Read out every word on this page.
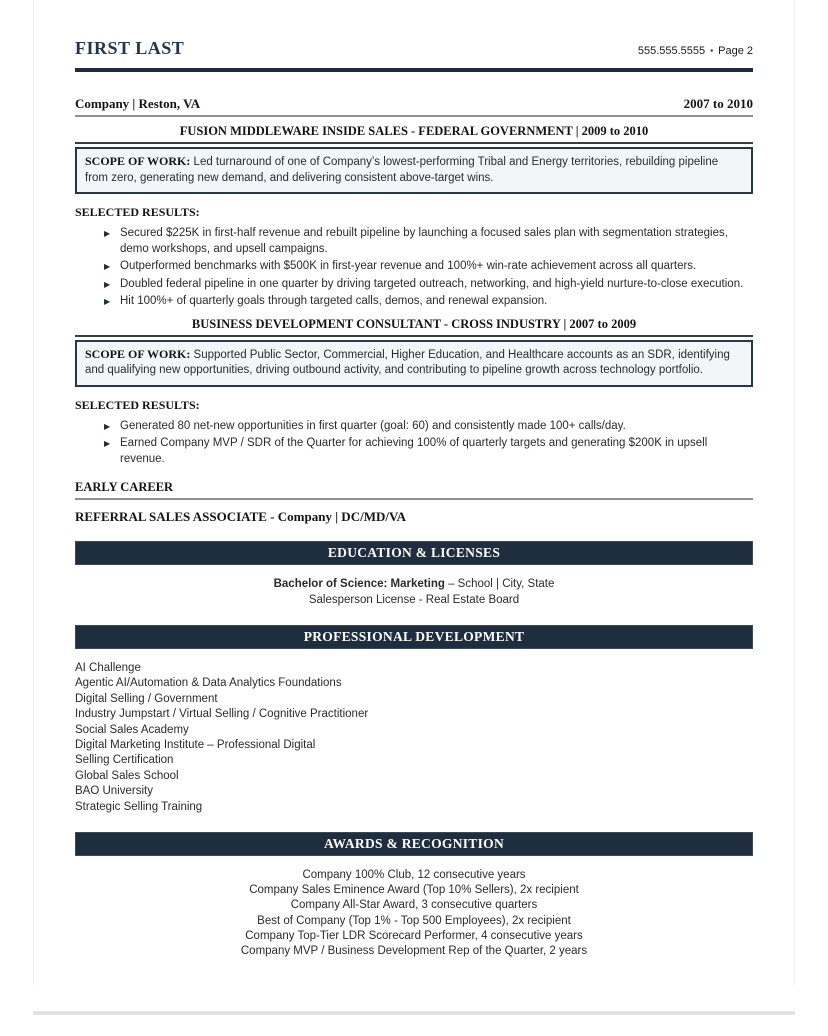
FIRST LAST	555.555.5555 ▪ Page 2
Company | Reston, VA	2007 to 2010
FUSION MIDDLEWARE INSIDE SALES - FEDERAL GOVERNMENT | 2009 to 2010
SCOPE OF WORK: Led turnaround of one of Company’s lowest-performing Tribal and Energy territories, rebuilding pipeline from zero, generating new demand, and delivering consistent above-target wins.
SELECTED RESULTS:
▶ Secured $225K in first-half revenue and rebuilt pipeline by launching a focused sales plan with segmentation strategies, demo workshops, and upsell campaigns.
▶ Outperformed benchmarks with $500K in first-year revenue and 100%+ win-rate achievement across all quarters.
▶ Doubled federal pipeline in one quarter by driving targeted outreach, networking, and high-yield nurture-to-close execution.
▶ Hit 100%+ of quarterly goals through targeted calls, demos, and renewal expansion.
BUSINESS DEVELOPMENT CONSULTANT - CROSS INDUSTRY | 2007 to 2009
SCOPE OF WORK: Supported Public Sector, Commercial, Higher Education, and Healthcare accounts as an SDR, identifying and qualifying new opportunities, driving outbound activity, and contributing to pipeline growth across technology portfolio.
SELECTED RESULTS:
▶ Generated 80 net-new opportunities in first quarter (goal: 60) and consistently made 100+ calls/day.
▶ Earned Company MVP / SDR of the Quarter for achieving 100% of quarterly targets and generating $200K in upsell revenue.
EARLY CAREER
REFERRAL SALES ASSOCIATE - Company | DC/MD/VA
EDUCATION & LICENSES
Bachelor of Science: Marketing – School | City, State
Salesperson License - Real Estate Board
PROFESSIONAL DEVELOPMENT
AI Challenge
Agentic AI/Automation & Data Analytics Foundations
Digital Selling / Government
Industry Jumpstart / Virtual Selling / Cognitive Practitioner
Social Sales Academy
Digital Marketing Institute – Professional Digital
Selling Certification
Global Sales School
BAO University
Strategic Selling Training
AWARDS & RECOGNITION
Company 100% Club, 12 consecutive years
Company Sales Eminence Award (Top 10% Sellers), 2x recipient
Company All-Star Award, 3 consecutive quarters
Best of Company (Top 1% - Top 500 Employees), 2x recipient
Company Top-Tier LDR Scorecard Performer, 4 consecutive years
Company MVP / Business Development Rep of the Quarter, 2 years
